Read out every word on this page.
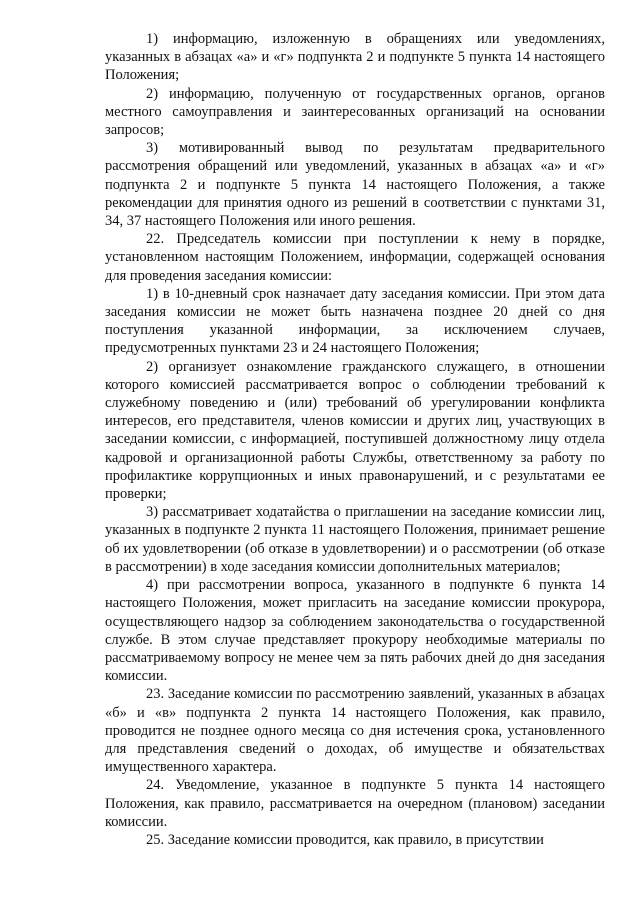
1) информацию, изложенную в обращениях или уведомлениях, указанных в абзацах «а» и «г» подпункта 2 и подпункте 5 пункта 14 настоящего Положения;

2) информацию, полученную от государственных органов, органов местного самоуправления и заинтересованных организаций на основании запросов;

3) мотивированный вывод по результатам предварительного рассмотрения обращений или уведомлений, указанных в абзацах «а» и «г» подпункта 2 и подпункте 5 пункта 14 настоящего Положения, а также рекомендации для принятия одного из решений в соответствии с пунктами 31, 34, 37 настоящего Положения или иного решения.

22. Председатель комиссии при поступлении к нему в порядке, установленном настоящим Положением, информации, содержащей основания для проведения заседания комиссии:

1) в 10-дневный срок назначает дату заседания комиссии. При этом дата заседания комиссии не может быть назначена позднее 20 дней со дня поступления указанной информации, за исключением случаев, предусмотренных пунктами 23 и 24 настоящего Положения;

2) организует ознакомление гражданского служащего, в отношении которого комиссией рассматривается вопрос о соблюдении требований к служебному поведению и (или) требований об урегулировании конфликта интересов, его представителя, членов комиссии и других лиц, участвующих в заседании комиссии, с информацией, поступившей должностному лицу отдела кадровой и организационной работы Службы, ответственному за работу по профилактике коррупционных и иных правонарушений, и с результатами ее проверки;

3) рассматривает ходатайства о приглашении на заседание комиссии лиц, указанных в подпункте 2 пункта 11 настоящего Положения, принимает решение об их удовлетворении (об отказе в удовлетворении) и о рассмотрении (об отказе в рассмотрении) в ходе заседания комиссии дополнительных материалов;

4) при рассмотрении вопроса, указанного в подпункте 6 пункта 14 настоящего Положения, может пригласить на заседание комиссии прокурора, осуществляющего надзор за соблюдением законодательства о государственной службе. В этом случае представляет прокурору необходимые материалы по рассматриваемому вопросу не менее чем за пять рабочих дней до дня заседания комиссии.

23. Заседание комиссии по рассмотрению заявлений, указанных в абзацах «б» и «в» подпункта 2 пункта 14 настоящего Положения, как правило, проводится не позднее одного месяца со дня истечения срока, установленного для представления сведений о доходах, об имуществе и обязательствах имущественного характера.

24. Уведомление, указанное в подпункте 5 пункта 14 настоящего Положения, как правило, рассматривается на очередном (плановом) заседании комиссии.

25. Заседание комиссии проводится, как правило, в присутствии
